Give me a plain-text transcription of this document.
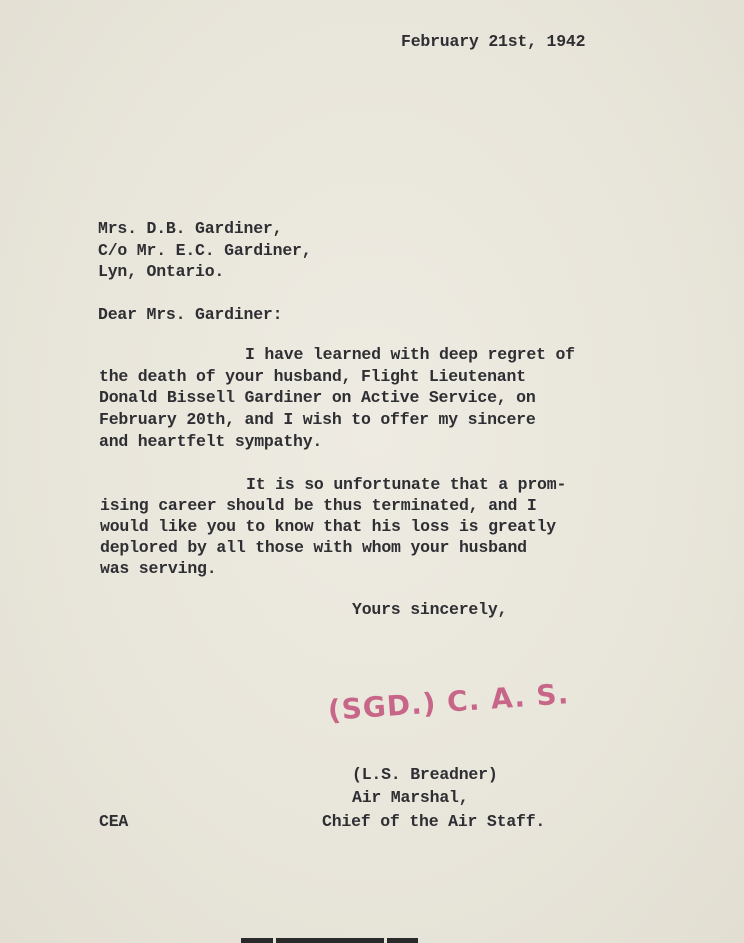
February 21st, 1942
Mrs. D.B. Gardiner,
C/o Mr. E.C. Gardiner,
Lyn, Ontario.
Dear Mrs. Gardiner:
I have learned with deep regret of
the death of your husband, Flight Lieutenant
Donald Bissell Gardiner on Active Service, on
February 20th, and I wish to offer my sincere
and heartfelt sympathy.
It is so unfortunate that a prom-
ising career should be thus terminated, and I
would like you to know that his loss is greatly
deplored by all those with whom your husband
was serving.
Yours sincerely,
(SGD.) C. A. S.
(L.S. Breadner)
Air Marshal,
Chief of the Air Staff.
CEA
